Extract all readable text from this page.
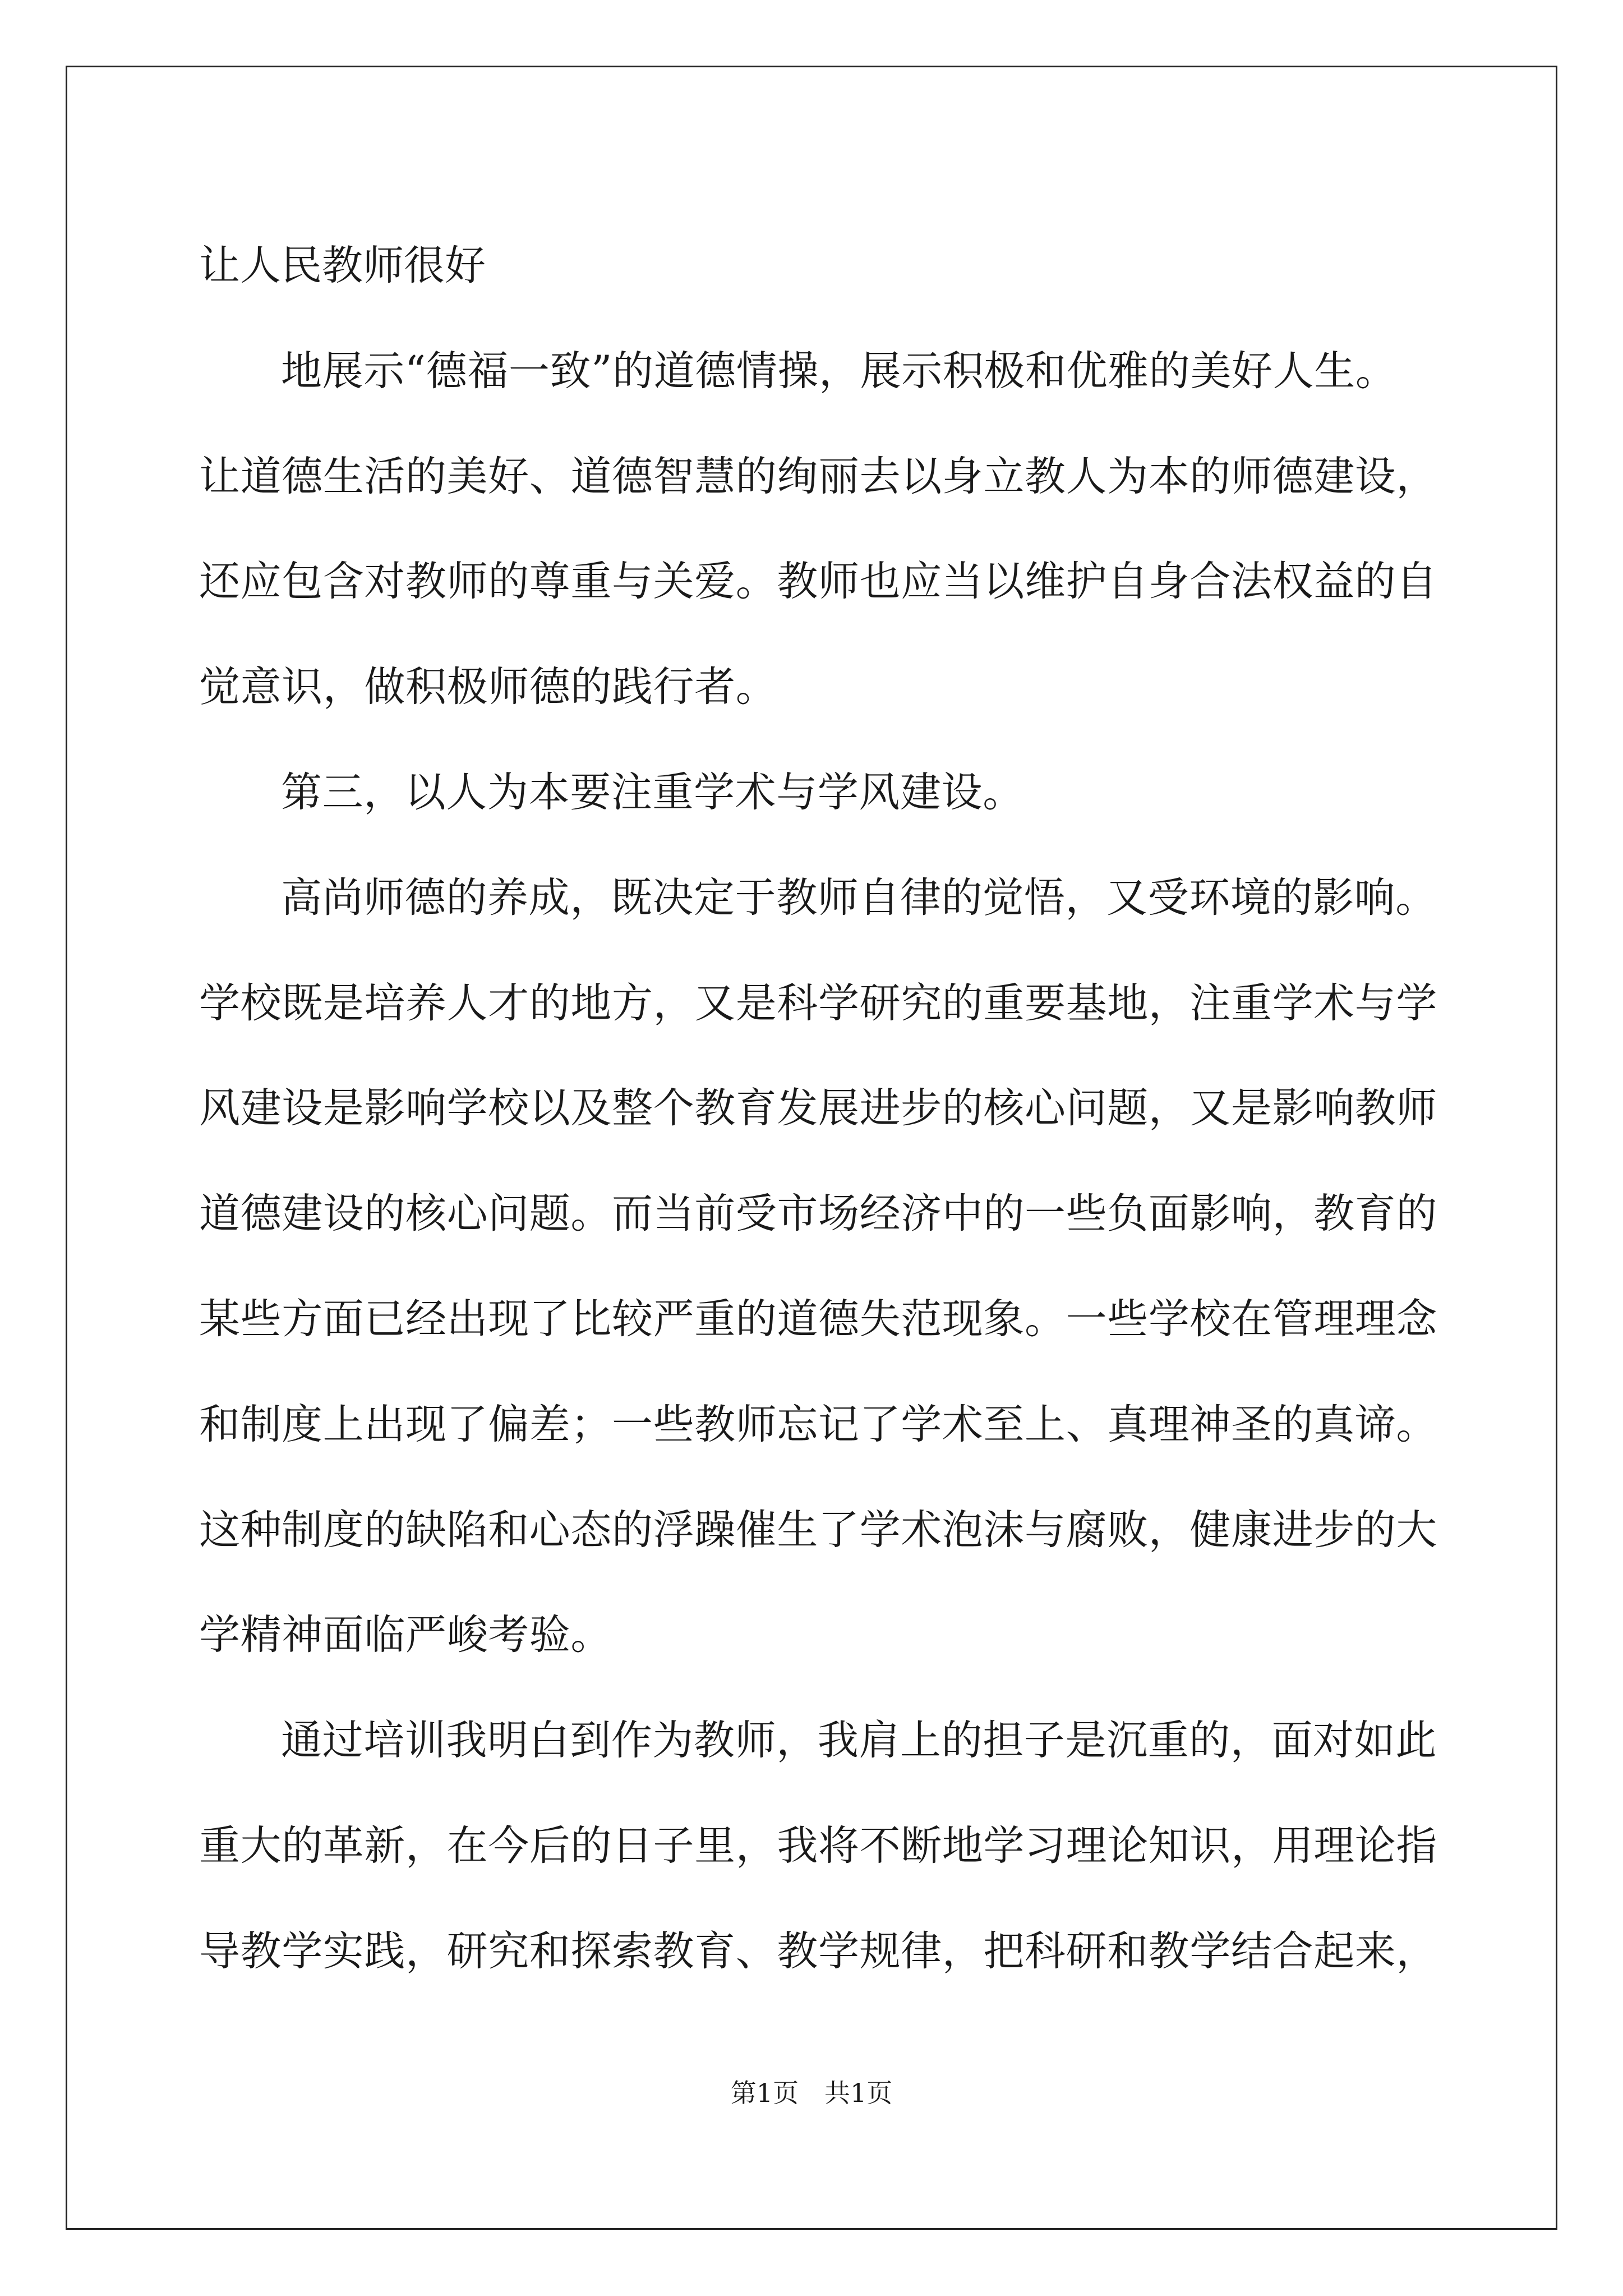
让人民教师很好
地展示“德福一致”的道德情操，展示积极和优雅的美好人生。
让道德生活的美好、道德智慧的绚丽去以身立教人为本的师德建设，
还应包含对教师的尊重与关爱。教师也应当以维护自身合法权益的自
觉意识，做积极师德的践行者。
第三，以人为本要注重学术与学风建设。
高尚师德的养成，既决定于教师自律的觉悟，又受环境的影响。
学校既是培养人才的地方，又是科学研究的重要基地，注重学术与学
风建设是影响学校以及整个教育发展进步的核心问题，又是影响教师
道德建设的核心问题。而当前受市场经济中的一些负面影响，教育的
某些方面已经出现了比较严重的道德失范现象。一些学校在管理理念
和制度上出现了偏差；一些教师忘记了学术至上、真理神圣的真谛。
这种制度的缺陷和心态的浮躁催生了学术泡沫与腐败，健康进步的大
学精神面临严峻考验。
通过培训我明白到作为教师，我肩上的担子是沉重的，面对如此
重大的革新，在今后的日子里，我将不断地学习理论知识，用理论指
导教学实践，研究和探索教育、教学规律，把科研和教学结合起来，
第1页　共1页
